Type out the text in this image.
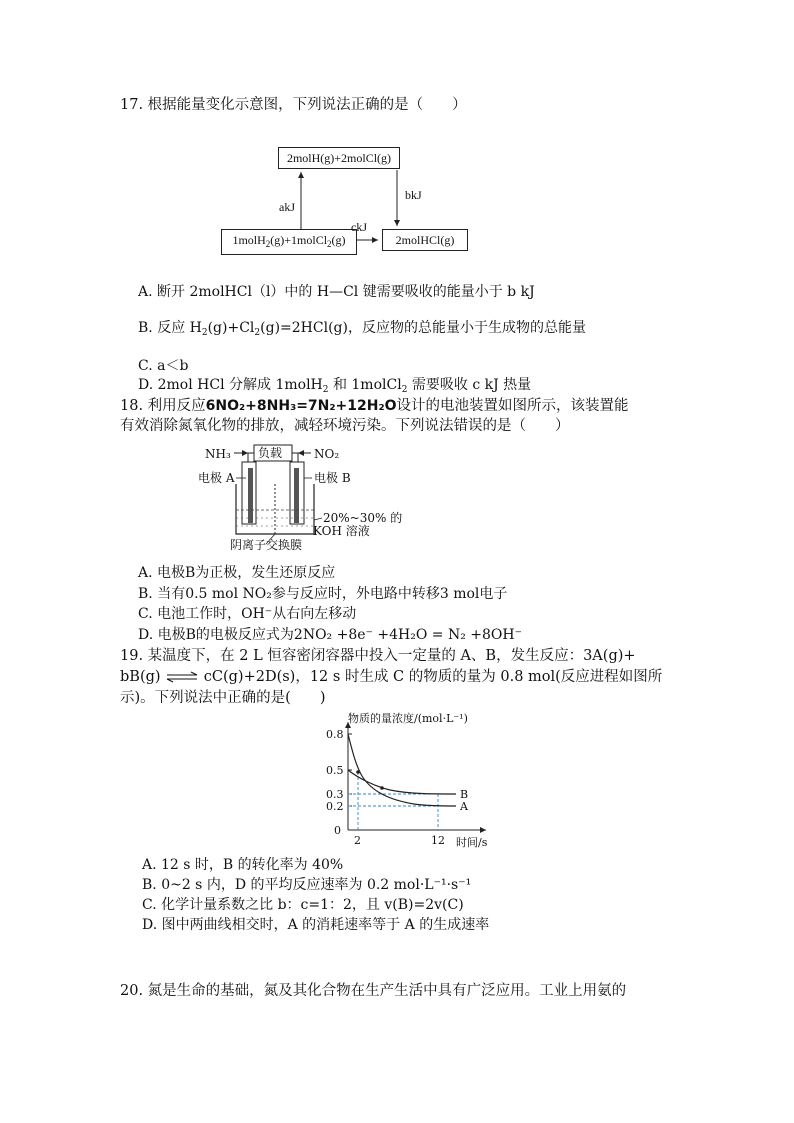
17. 根据能量变化示意图，下列说法正确的是（　　）
2molH(g)+2molCl(g)
1molH$_2$(g)+1molCl$_2$(g)	2molHCl(g)
akJ
bkJ
ckJ
A. 断开 2molHCl（l）中的 H—Cl 键需要吸收的能量小于 b kJ
B. 反应 $H_2(g)+Cl_2(g)=2HCl(g)$，反应物的总能量小于生成物的总能量
C. a＜b
D. 2mol HCl 分解成 1molH$_2$ 和 1molCl$_2$ 需要吸收 c kJ 热量
18. 利用反应6NO₂+8NH₃=7N₂+12H₂O设计的电池装置如图所示，该装置能
有效消除氮氧化物的排放，减轻环境污染。下列说法错误的是（　　）
NH₃	NO₂
负载
电极 A	电极 B
20%~30% 的
KOH 溶液
阴离子交换膜
A. 电极B为正极，发生还原反应
B. 当有0.5 mol NO₂参与反应时，外电路中转移3 mol电子
C. 电池工作时，OH⁻从右向左移动
D. 电极B的电极反应式为2NO₂ +8e⁻ +4H₂O = N₂ +8OH⁻
19. 某温度下，在 2 L 恒容密闭容器中投入一定量的 A、B，发生反应：3A(g)+
bB(g) ⇌ cC(g)+2D(s)，12 s 时生成 C 的物质的量为 0.8 mol(反应进程如图所
示)。下列说法中正确的是(　　)
物质的量浓度/(mol·L⁻¹)
0.8
0.5
0.3
0.2
0
2	12 时间/s
B
A
A. 12 s 时，B 的转化率为 40%
B. 0~2 s 内，D 的平均反应速率为 0.2 mol·L⁻¹·s⁻¹
C. 化学计量系数之比 b：c=1：2，且 v(B)=2v(C)
D. 图中两曲线相交时，A 的消耗速率等于 A 的生成速率
20. 氮是生命的基础，氮及其化合物在生产生活中具有广泛应用。工业上用氨的
